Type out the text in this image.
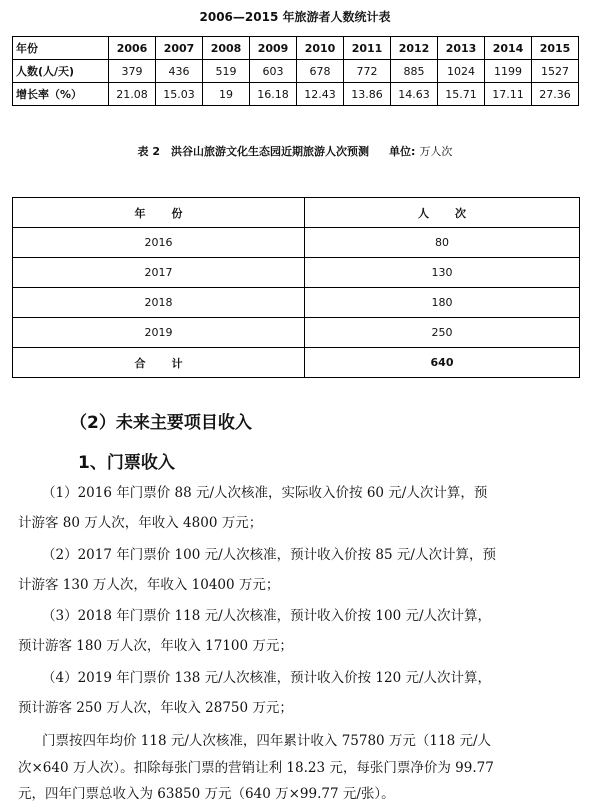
2006—2015 年旅游者人数统计表
年份	2006	2007	2008	2009	2010	2011	2012	2013	2014	2015
人数(人/天)	379	436	519	603	678	772	885	1024	1199	1527
增长率（%）	21.08	15.03	19	16.18	12.43	13.86	14.63	15.71	17.11	27.36
表 2　洪谷山旅游文化生态园近期旅游人次预测 单位: 万人次
年份	人次
2016	80
2017	130
2018	180
2019	250
合计	640
（2）未来主要项目收入
1、门票收入
（1）2016 年门票价 88 元/人次核准，实际收入价按 60 元/人次计算，预
计游客 80 万人次，年收入 4800 万元；
（2）2017 年门票价 100 元/人次核准，预计收入价按 85 元/人次计算，预
计游客 130 万人次，年收入 10400 万元；
（3）2018 年门票价 118 元/人次核准，预计收入价按 100 元/人次计算，
预计游客 180 万人次，年收入 17100 万元；
（4）2019 年门票价 138 元/人次核准，预计收入价按 120 元/人次计算，
预计游客 250 万人次，年收入 28750 万元；
门票按四年均价 118 元/人次核准，四年累计收入 75780 万元（118 元/人
次×640 万人次）。扣除每张门票的营销让利 18.23 元，每张门票净价为 99.77
元，四年门票总收入为 63850 万元（640 万×99.77 元/张）。
